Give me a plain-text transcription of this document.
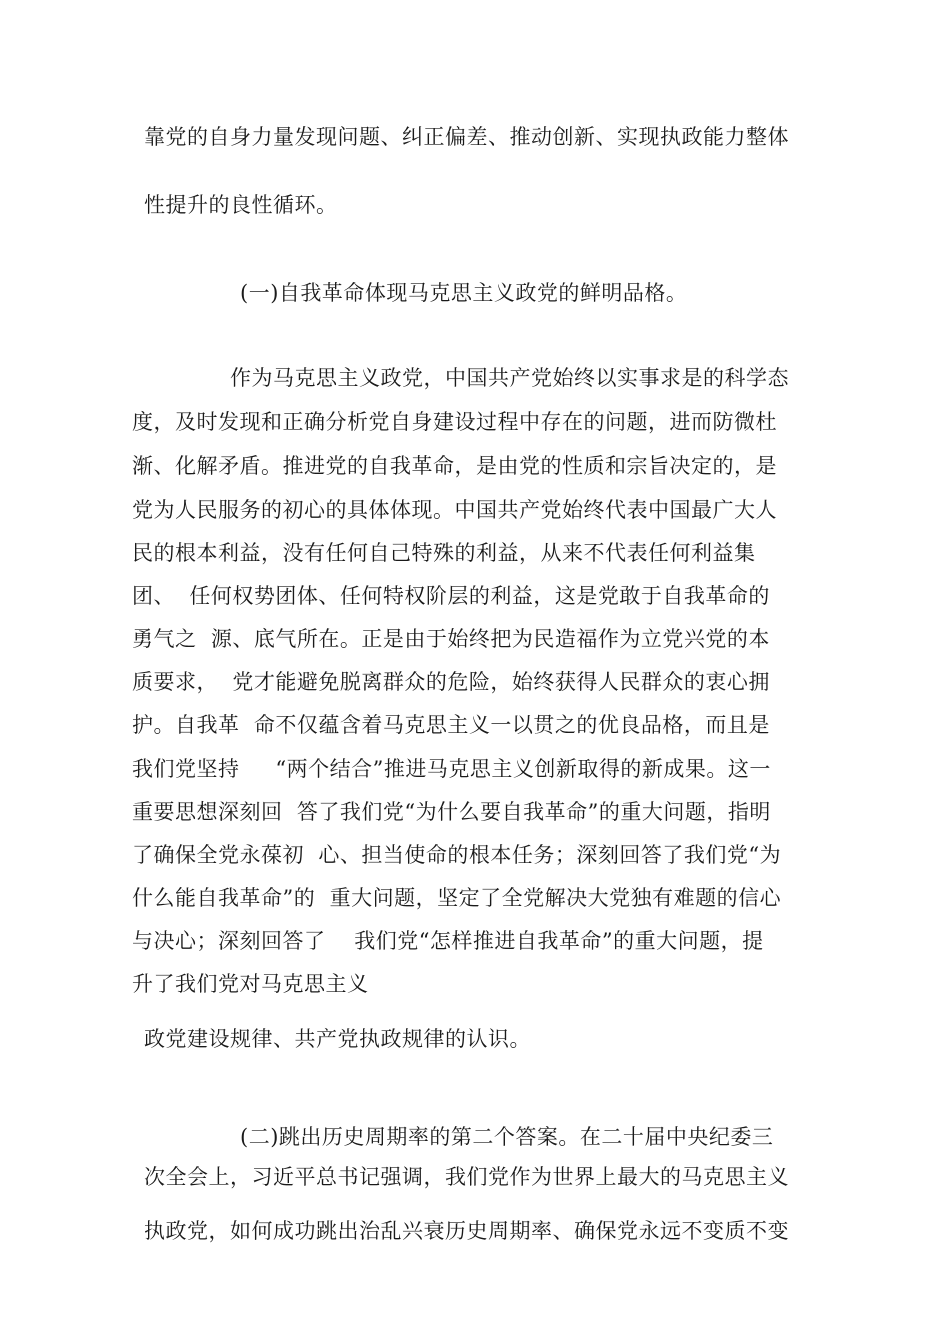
靠党的自身力量发现问题、纠正偏差、推动创新、实现执政能力整体
性提升的良性循环。
(一)自我革命体现马克思主义政党的鲜明品格。
作为马克思主义政党，中国共产党始终以实事求是的科学态
度，及时发现和正确分析党自身建设过程中存在的问题，进而防微杜
渐、化解矛盾。推进党的自我革命，是由党的性质和宗旨决定的，是
党为人民服务的初心的具体体现。中国共产党始终代表中国最广大人
民的根本利益，没有任何自己特殊的利益，从来不代表任何利益集
团、  任何权势团体、任何特权阶层的利益，这是党敢于自我革命的
勇气之  源、底气所在。正是由于始终把为民造福作为立党兴党的本
质要求，  党才能避免脱离群众的危险，始终获得人民群众的衷心拥
护。自我革  命不仅蕴含着马克思主义一以贯之的优良品格，而且是
我们党坚持     “两个结合”推进马克思主义创新取得的新成果。这一
重要思想深刻回  答了我们党“为什么要自我革命”的重大问题，指明
了确保全党永葆初  心、担当使命的根本任务；深刻回答了我们党“为
什么能自我革命”的  重大问题，坚定了全党解决大党独有难题的信心
与决心；深刻回答了    我们党“怎样推进自我革命”的重大问题，提
升了我们党对马克思主义
政党建设规律、共产党执政规律的认识。
(二)跳出历史周期率的第二个答案。在二十届中央纪委三
次全会上，习近平总书记强调，我们党作为世界上最大的马克思主义
执政党，如何成功跳出治乱兴衰历史周期率、确保党永远不变质不变
